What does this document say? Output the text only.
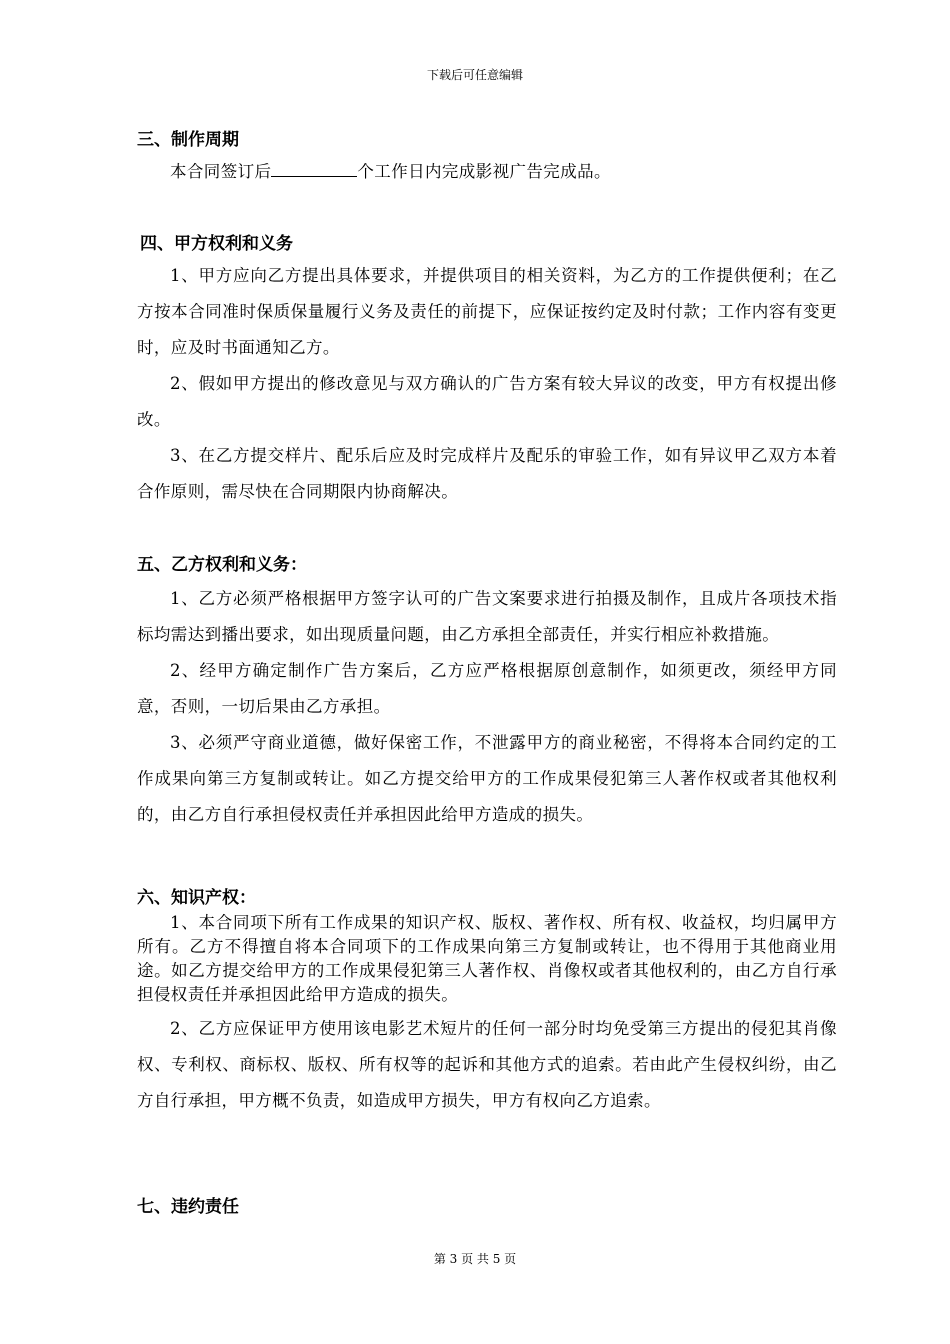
下载后可任意编辑
三、制作周期

本合同签订后	个工作日内完成影视广告完成品。

四、甲方权利和义务

1、甲方应向乙方提出具体要求，并提供项目的相关资料，为乙方的工作提供便利；在乙方按本合同准时保质保量履行义务及责任的前提下，应保证按约定及时付款；工作内容有变更时，应及时书面通知乙方。

2、假如甲方提出的修改意见与双方确认的广告方案有较大异议的改变，甲方有权提出修改。

3、在乙方提交样片、配乐后应及时完成样片及配乐的审验工作，如有异议甲乙双方本着合作原则，需尽快在合同期限内协商解决。

五、乙方权利和义务：

1、乙方必须严格根据甲方签字认可的广告文案要求进行拍摄及制作，且成片各项技术指标均需达到播出要求，如出现质量问题，由乙方承担全部责任，并实行相应补救措施。

2、经甲方确定制作广告方案后，乙方应严格根据原创意制作，如须更改，须经甲方同意，否则，一切后果由乙方承担。

3、必须严守商业道德，做好保密工作，不泄露甲方的商业秘密，不得将本合同约定的工作成果向第三方复制或转让。如乙方提交给甲方的工作成果侵犯第三人著作权或者其他权利的，由乙方自行承担侵权责任并承担因此给甲方造成的损失。

六、知识产权：

1、本合同项下所有工作成果的知识产权、版权、著作权、所有权、收益权，均归属甲方所有。乙方不得擅自将本合同项下的工作成果向第三方复制或转让，也不得用于其他商业用途。如乙方提交给甲方的工作成果侵犯第三人著作权、肖像权或者其他权利的，由乙方自行承担侵权责任并承担因此给甲方造成的损失。

2、乙方应保证甲方使用该电影艺术短片的任何一部分时均免受第三方提出的侵犯其肖像权、专利权、商标权、版权、所有权等的起诉和其他方式的追索。若由此产生侵权纠纷，由乙方自行承担，甲方概不负责，如造成甲方损失，甲方有权向乙方追索。

七、违约责任
第 3 页 共 5 页
